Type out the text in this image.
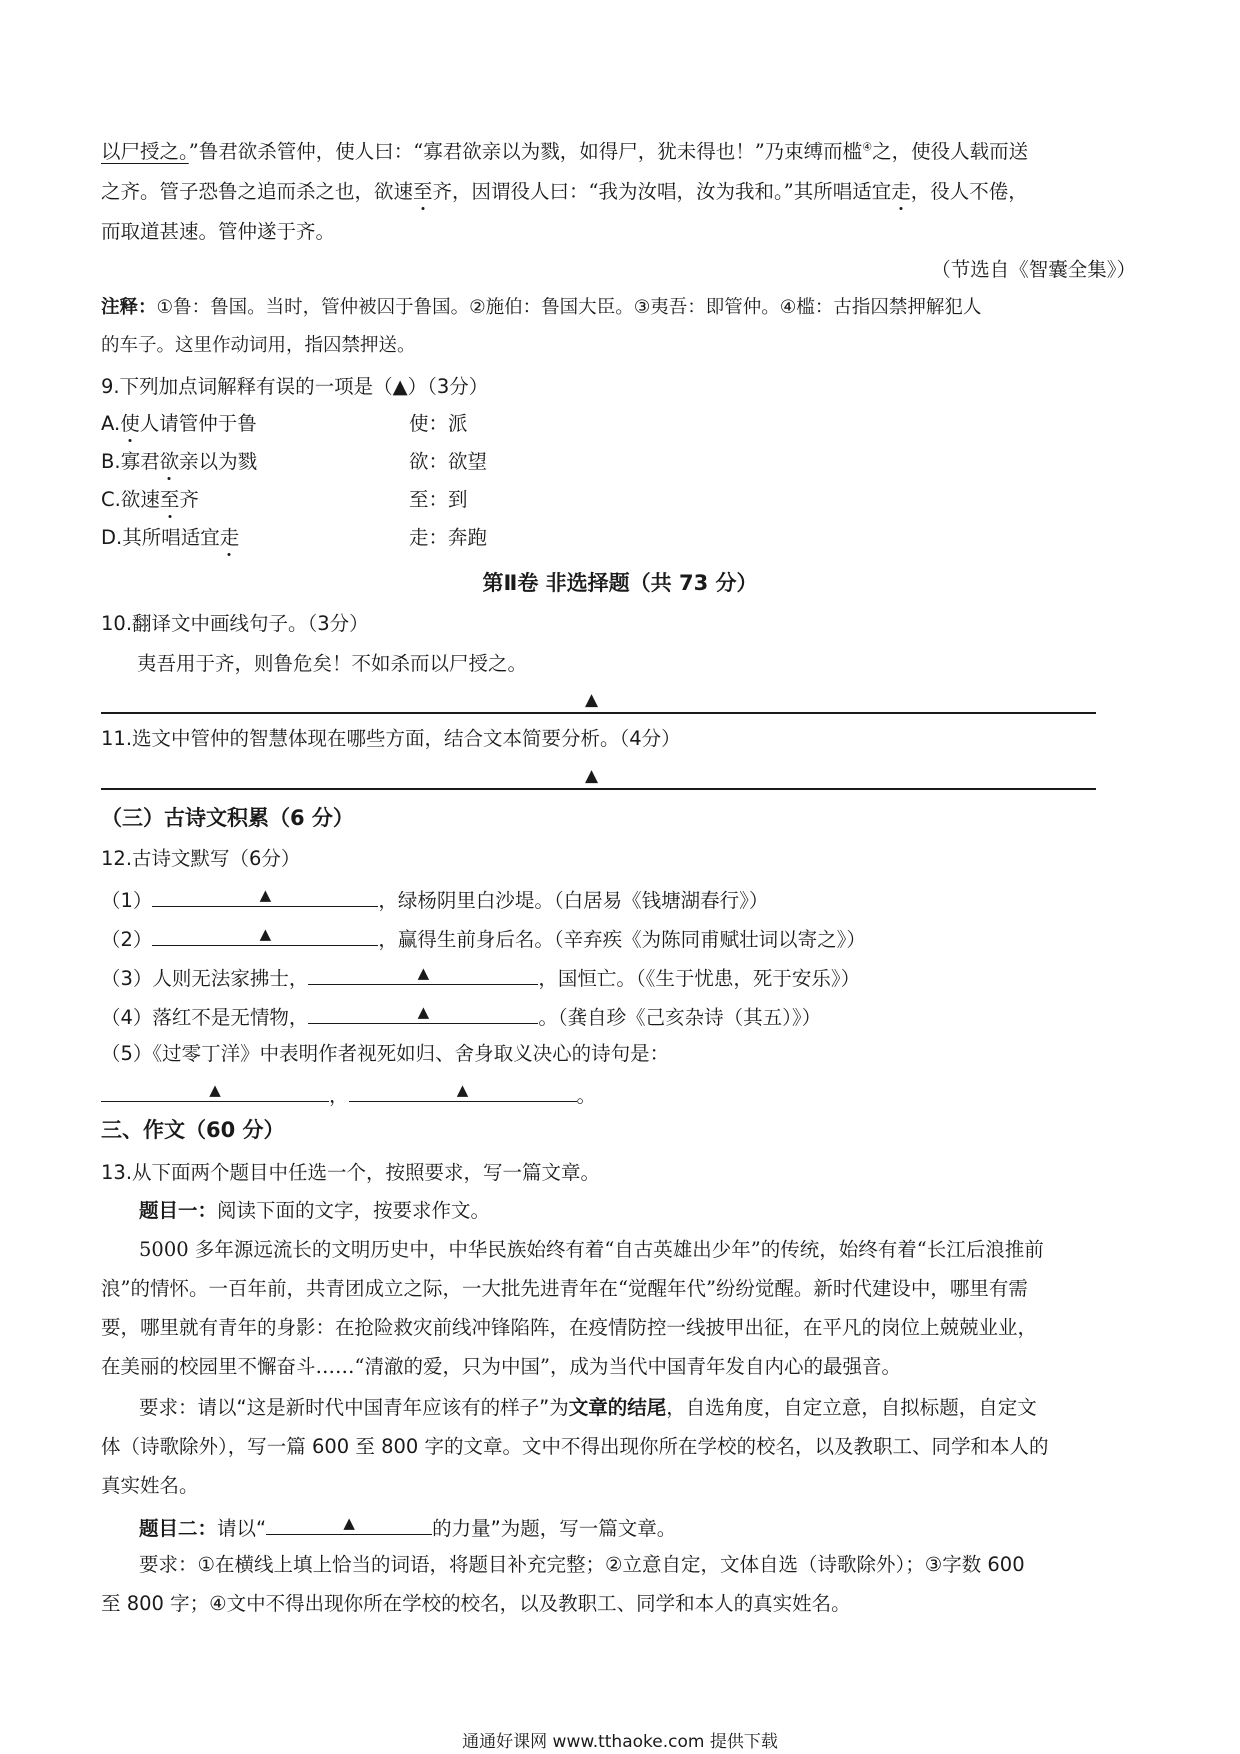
以尸授之。”鲁君欲杀管仲，使人曰：“寡君欲亲以为戮，如得尸，犹未得也！”乃束缚而槛④之，使役人载而送
之齐。管子恐鲁之追而杀之也，欲速至齐，因谓役人曰：“我为汝唱，汝为我和。”其所唱适宜走，役人不倦，
而取道甚速。管仲遂于齐。
（节选自《智囊全集》）
注释：①鲁：鲁国。当时，管仲被囚于鲁国。②施伯：鲁国大臣。③夷吾：即管仲。④槛：古指囚禁押解犯人
的车子。这里作动词用，指囚禁押送。
9.下列加点词解释有误的一项是（▲）（3分）
A.使人请管仲于鲁	使：派
B.寡君欲亲以为戮	欲：欲望
C.欲速至齐	至：到
D.其所唱适宜走	走：奔跑
第Ⅱ卷 非选择题（共 73 分）
10.翻译文中画线句子。（3分）
夷吾用于齐，则鲁危矣！不如杀而以尸授之。
▲
11.选文中管仲的智慧体现在哪些方面，结合文本简要分析。（4分）
▲
（三）古诗文积累（6 分）
12.古诗文默写（6分）
（1）	▲	，绿杨阴里白沙堤。（白居易《钱塘湖春行》）
（2）	▲	，赢得生前身后名。（辛弃疾《为陈同甫赋壮词以寄之》）
（3）人则无法家拂士，	▲	，国恒亡。（《生于忧患，死于安乐》）
（4）落红不是无情物，	▲	。（龚自珍《己亥杂诗（其五）》）
（5）《过零丁洋》中表明作者视死如归、舍身取义决心的诗句是：
▲	，	▲	。
三、作文（60 分）
13.从下面两个题目中任选一个，按照要求，写一篇文章。
题目一：阅读下面的文字，按要求作文。
5000 多年源远流长的文明历史中，中华民族始终有着“自古英雄出少年”的传统，始终有着“长江后浪推前
浪”的情怀。一百年前，共青团成立之际，一大批先进青年在“觉醒年代”纷纷觉醒。新时代建设中，哪里有需
要，哪里就有青年的身影：在抢险救灾前线冲锋陷阵，在疫情防控一线披甲出征，在平凡的岗位上兢兢业业，
在美丽的校园里不懈奋斗……“清澈的爱，只为中国”，成为当代中国青年发自内心的最强音。
要求：请以“这是新时代中国青年应该有的样子”为文章的结尾，自选角度，自定立意，自拟标题，自定文
体（诗歌除外），写一篇 600 至 800 字的文章。文中不得出现你所在学校的校名，以及教职工、同学和本人的
真实姓名。
题目二：请以“	▲	的力量”为题，写一篇文章。
要求：①在横线上填上恰当的词语，将题目补充完整；②立意自定，文体自选（诗歌除外）；③字数 600
至 800 字；④文中不得出现你所在学校的校名，以及教职工、同学和本人的真实姓名。
通通好课网 www.tthaoke.com 提供下载
